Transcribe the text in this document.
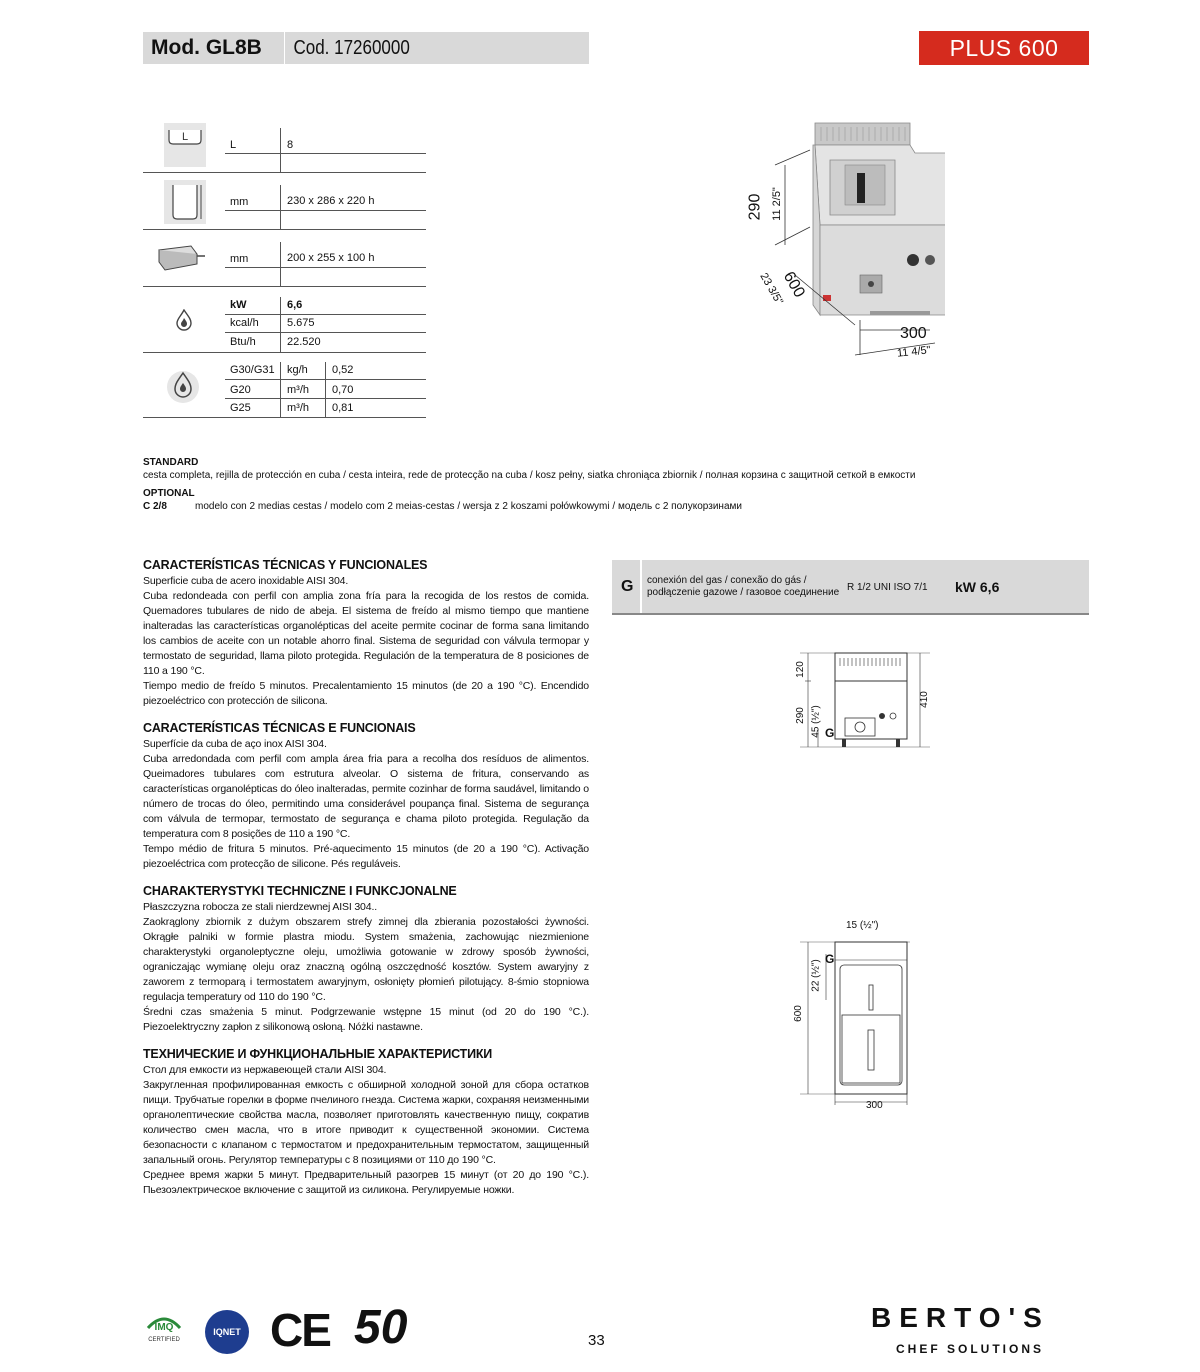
Mod. GL8B	Cod. 17260000	PLUS 600
L
L	8
mm	230 x 286 x 220 h
mm	200 x 255 x 100 h
kW	6,6
kcal/h	5.675
Btu/h	22.520
G30/G31 kg/h 0,52
G20	m³/h 0,70
G25	m³/h 0,81
290 11 2/5"
600
23 3/5"
300
11 4/5"
STANDARD
cesta completa, rejilla de protección en cuba / cesta inteira, rede de protecção na cuba / kosz pełny, siatka chroniąca zbiornik / полная корзина с защитной сеткой в емкости
OPTIONAL
C 2/8	modelo con 2 medias cestas / modelo com 2 meias-cestas / wersja z 2 koszami połówkowymi / модель с 2 полукорзинами
CARACTERÍSTICAS TÉCNICAS Y FUNCIONALES
Superficie cuba de acero inoxidable AISI 304.
Cuba redondeada con perfil con amplia zona fría para la recogida de los restos de comida. Quemadores tubulares de nido de abeja. El sistema de freído al mismo tiempo que mantiene inalteradas las características organolépticas del aceite permite cocinar de forma sana limitando los cambios de aceite con un notable ahorro final. Sistema de seguridad con válvula termopar y termostato de seguridad, llama piloto protegida. Regulación de la temperatura de 8 posiciones de 110 a 190 °C.
Tiempo medio de freído 5 minutos. Precalentamiento 15 minutos (de 20 a 190 °C). Encendido piezoeléctrico con protección de silicona.
CARACTERÍSTICAS TÉCNICAS E FUNCIONAIS
Superfície da cuba de aço inox AISI 304.
Cuba arredondada com perfil com ampla área fria para a recolha dos resíduos de alimentos. Queimadores tubulares com estrutura alveolar. O sistema de fritura, conservando as características organolépticas do óleo inalteradas, permite cozinhar de forma saudável, limitando o número de trocas do óleo, permitindo uma considerável poupança final. Sistema de segurança com válvula de termopar, termostato de segurança e chama piloto protegida. Regulação da temperatura com 8 posições de 110 a 190 °C.
Tempo médio de fritura 5 minutos. Pré-aquecimento 15 minutos (de 20 a 190 °C). Activação piezoeléctrica com protecção de silicone. Pés reguláveis.
CHARAKTERYSTYKI TECHNICZNE I FUNKCJONALNE
Płaszczyzna robocza ze stali nierdzewnej AISI 304..
Zaokrąglony zbiornik z dużym obszarem strefy zimnej dla zbierania pozostałości żywności. Okrągłe palniki w formie plastra miodu. System smażenia, zachowując niezmienione charakterystyki organoleptyczne oleju, umożliwia gotowanie w zdrowy sposób żywności, ograniczając wymianę oleju oraz znaczną ogólną oszczędność kosztów. System awaryjny z zaworem z termoparą i termostatem awaryjnym, osłonięty płomień pilotujący. 8-śmio stopniowa regulacja temperatury od 110 do 190 °C.
Średni czas smażenia 5 minut. Podgrzewanie wstępne 15 minut (od 20 do 190 °C.). Piezoelektryczny zapłon z silikonową osłoną. Nóżki nastawne.
ТЕХНИЧЕСКИЕ И ФУНКЦИОНАЛЬНЫЕ ХАРАКТЕРИСТИКИ
Стол для емкости из нержавеющей стали AISI 304.
Закругленная профилированная емкость с обширной холодной зоной для сбора остатков пищи. Трубчатые горелки в форме пчелиного гнезда. Система жарки, сохраняя неизменными органолептические свойства масла, позволяет приготовлять качественную пищу, сократив количество смен масла, что в итоге приводит к существенной экономии. Система безопасности с клапаном с термостатом и предохранительным термостатом, защищенный запальный огонь. Регулятор температуры с 8 позициями от 110 до 190 °C.
Среднее время жарки 5 минут. Предварительный разогрев 15 минут (от 20 до 190 °C.). Пьезоэлектрическое включение с защитой из силикона. Регулируемые ножки.
G conexión del gas / conexão do gás /
podłączenie gazowe / газовое соединение R 1/2 UNI ISO 7/1 kW 6,6
120
290 45 (½") G
410
15 (½")
G
22 (½")
600
300
IMQ
CERTIFIED
IQNET CE 50	33
BERTO'S
CHEF SOLUTIONS
